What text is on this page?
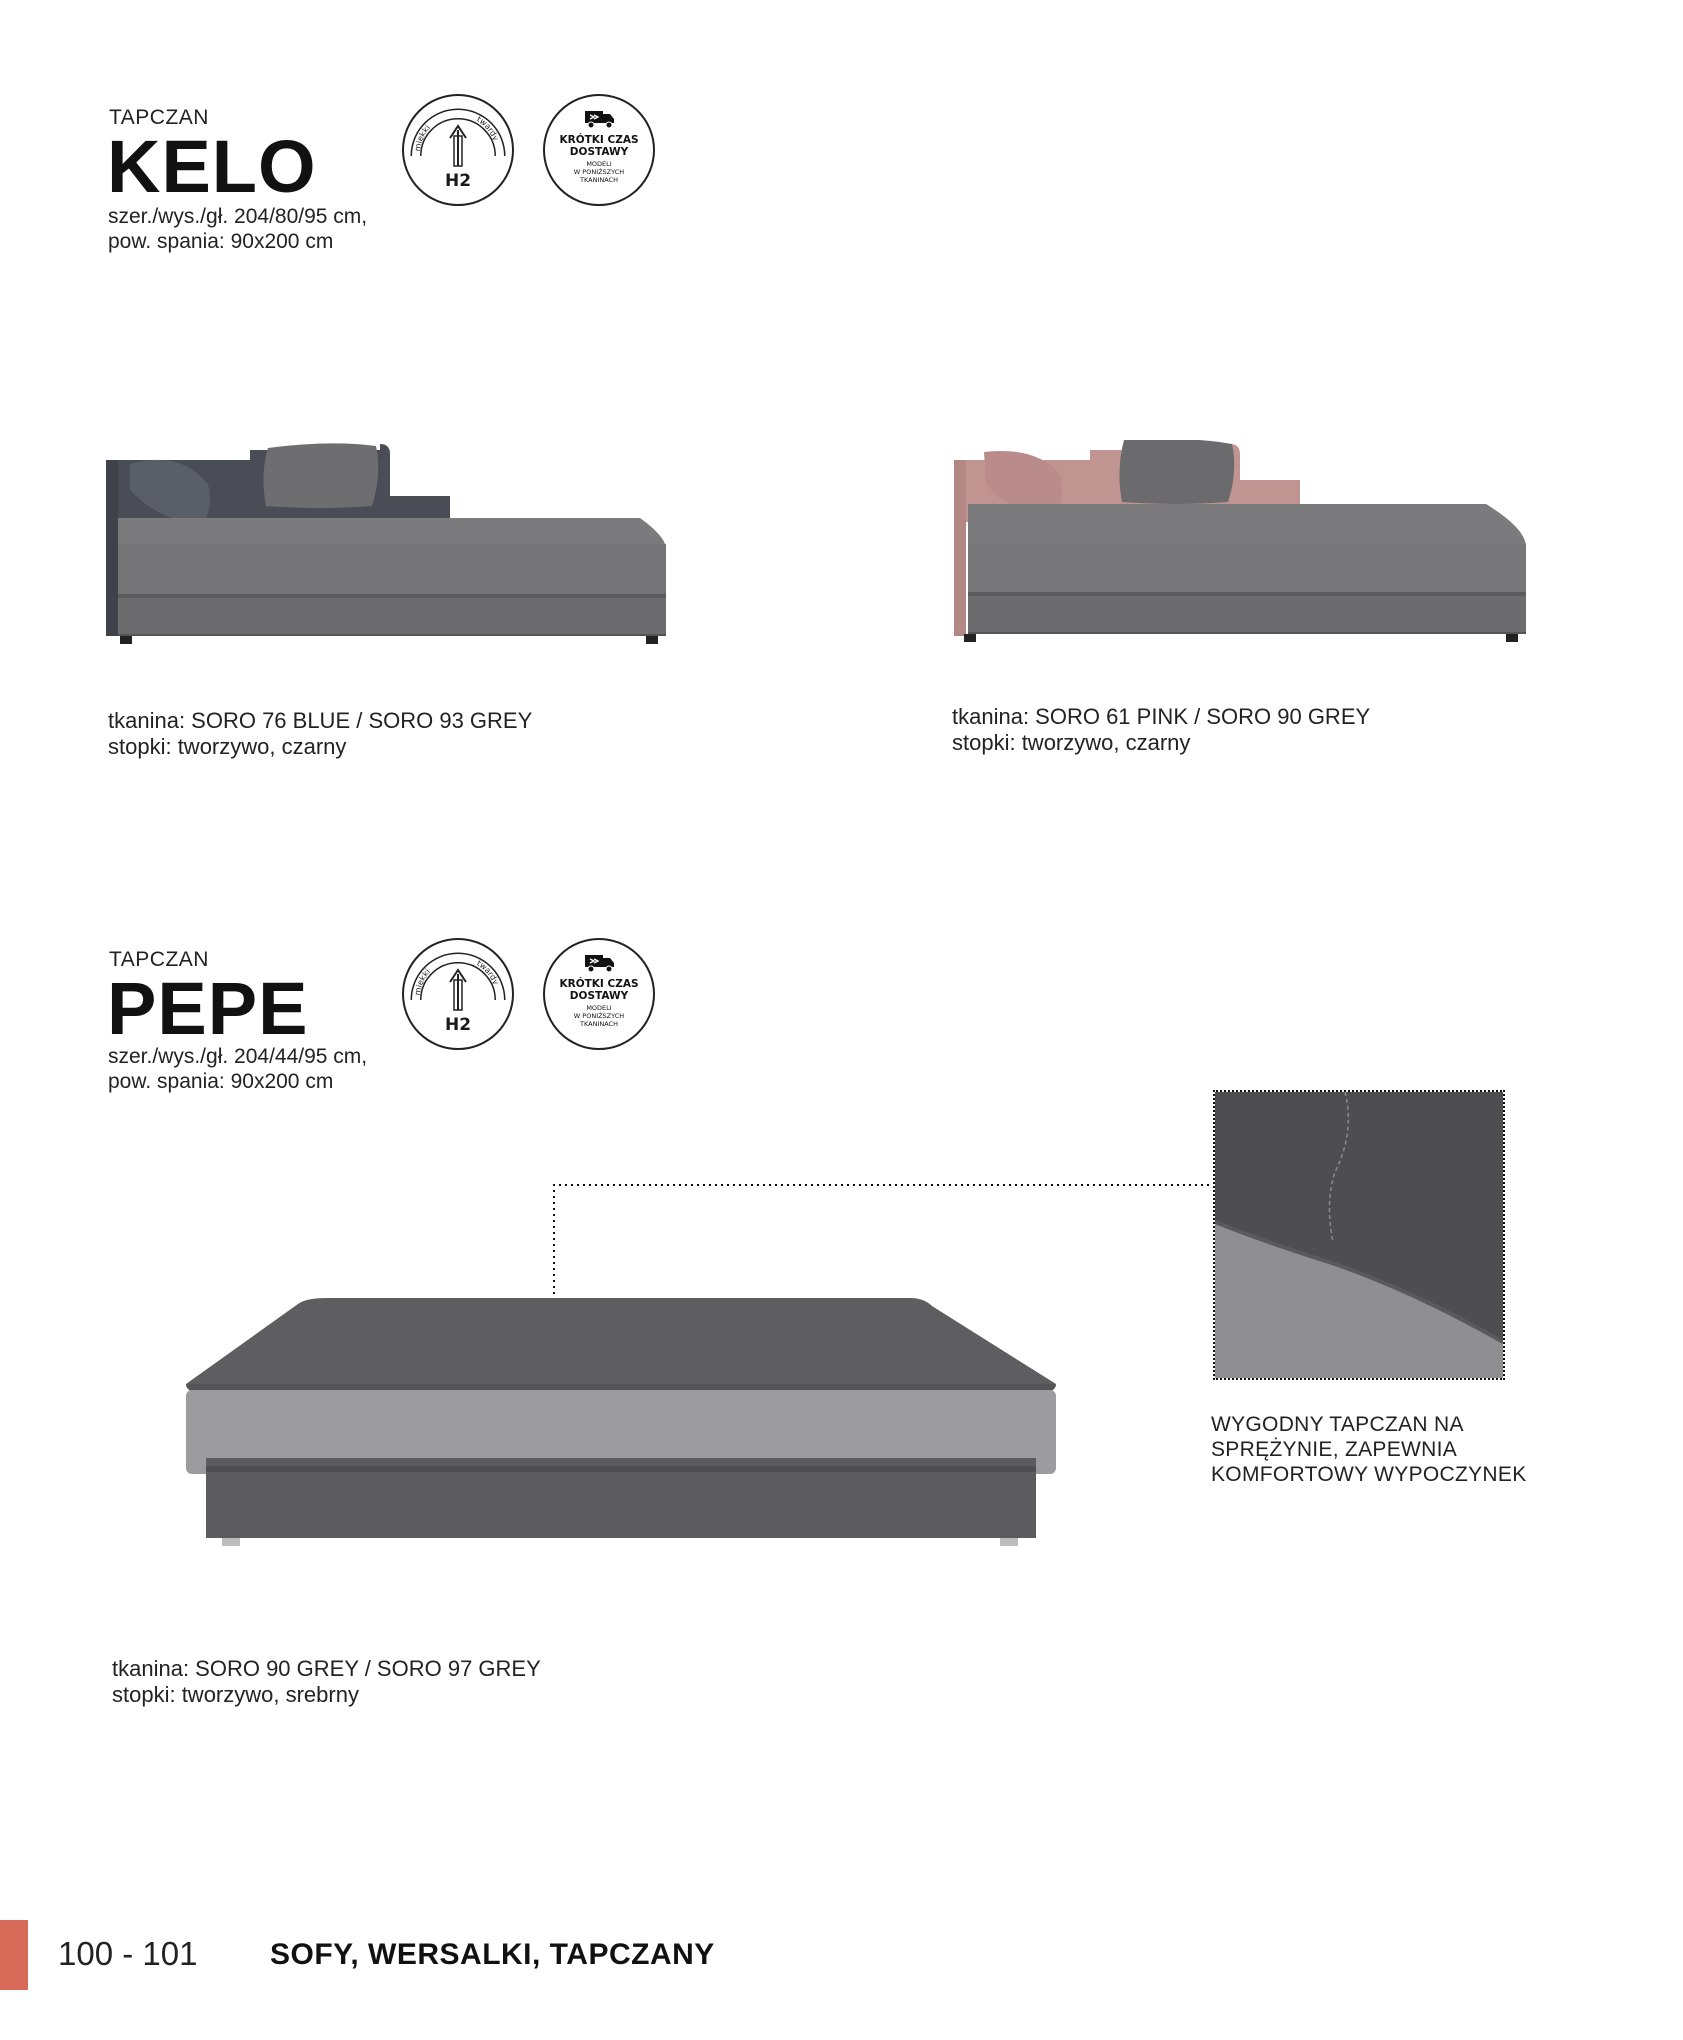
TAPCZAN
KELO
szer./wys./gł. 204/80/95 cm,
pow. spania: 90x200 cm
miękki
twardy
H2
KRÓTKI CZAS
DOSTAWY
MODELI
W PONIŻSZYCH
TKANINACH
tkanina: SORO 76 BLUE / SORO 93 GREY
stopki: tworzywo, czarny
tkanina: SORO 61 PINK / SORO 90 GREY
stopki: tworzywo, czarny
TAPCZAN
PEPE
szer./wys./gł. 204/44/95 cm,
pow. spania: 90x200 cm
miękki
twardy
H2
KRÓTKI CZAS
DOSTAWY
MODELI
W PONIŻSZYCH
TKANINACH
WYGODNY TAPCZAN NA
SPRĘŻYNIE, ZAPEWNIA
KOMFORTOWY WYPOCZYNEK
tkanina: SORO 90 GREY / SORO 97 GREY
stopki: tworzywo, srebrny
100 - 101 SOFY, WERSALKI, TAPCZANY
